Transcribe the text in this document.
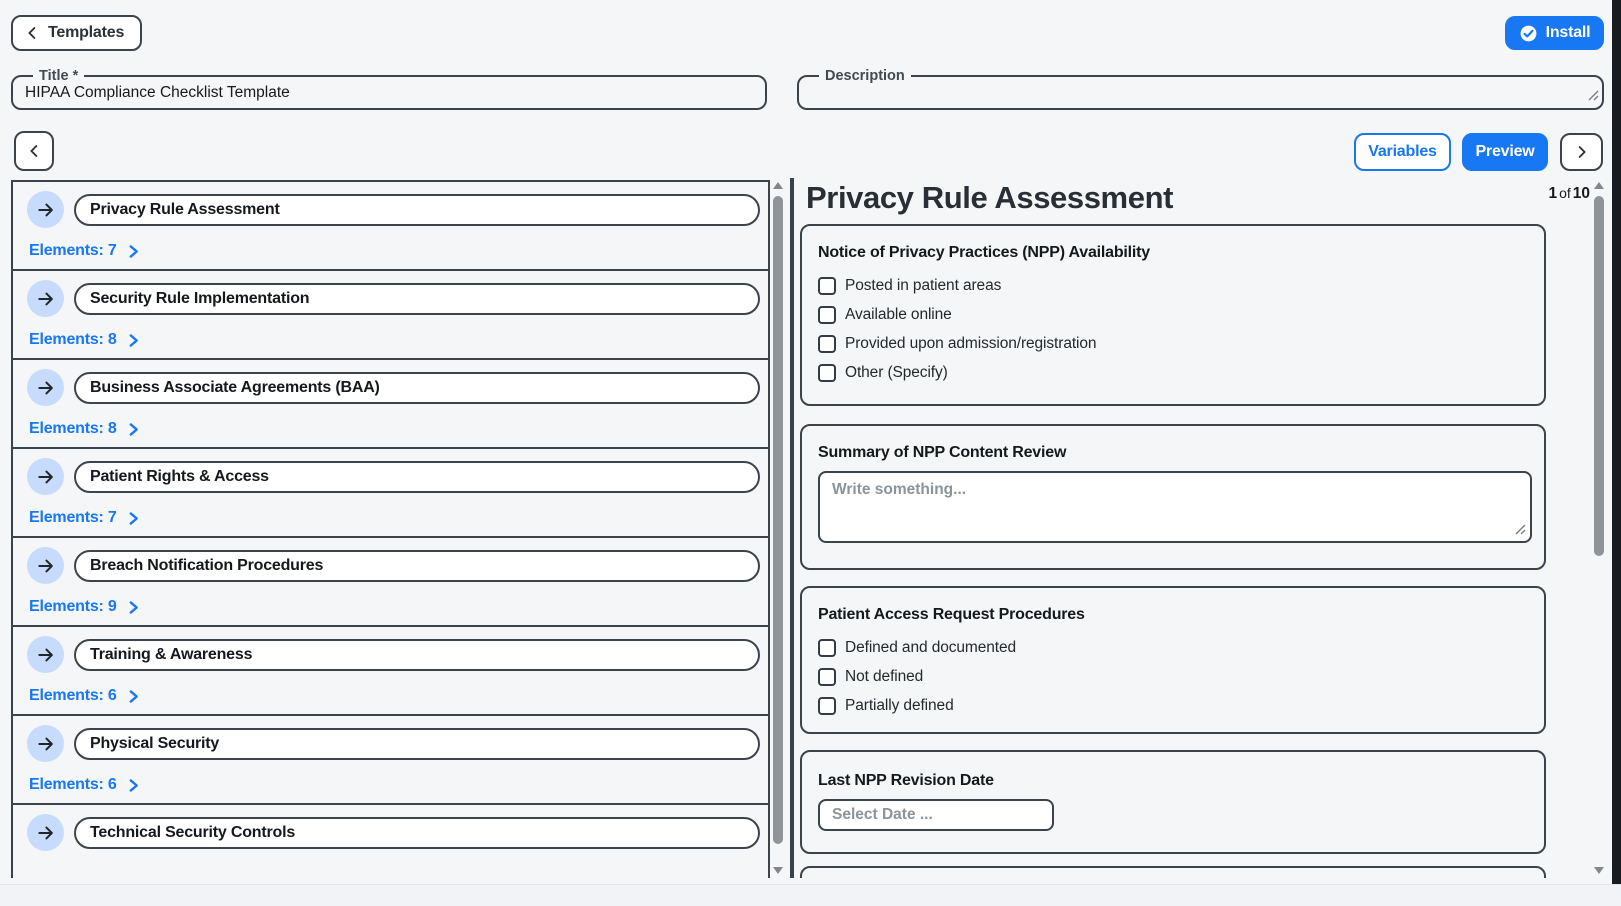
Templates	Install
Title *
HIPAA Compliance Checklist Template	Description
Variables Preview
Privacy Rule Assessment
Elements: 7
Security Rule Implementation
Elements: 8
Business Associate Agreements (BAA)
Elements: 8
Patient Rights & Access
Elements: 7
Breach Notification Procedures
Elements: 9
Training & Awareness
Elements: 6
Physical Security
Elements: 6
Technical Security Controls
Privacy Rule Assessment	1 of 10
Notice of Privacy Practices (NPP) Availability
Posted in patient areas
Available online
Provided upon admission/registration
Other (Specify)
Summary of NPP Content Review
Write something...
Patient Access Request Procedures
Defined and documented
Not defined
Partially defined
Last NPP Revision Date
Select Date ...
